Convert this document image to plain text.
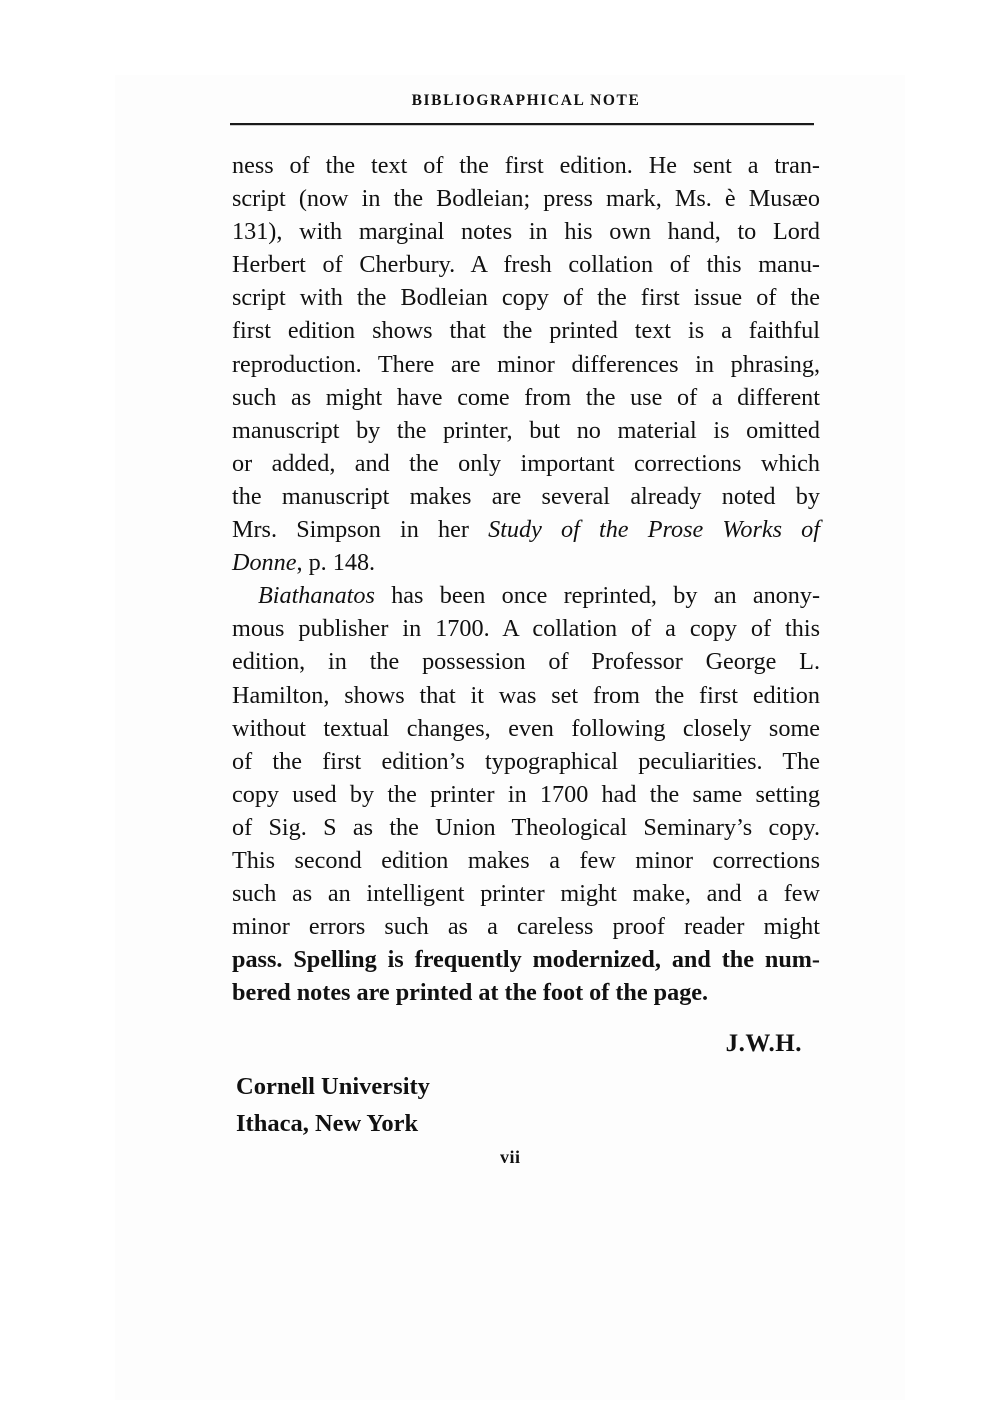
BIBLIOGRAPHICAL NOTE
ness of the text of the first edition. He sent a tran-
script (now in the Bodleian; press mark, Ms. è Musæo
131), with marginal notes in his own hand, to Lord
Herbert of Cherbury. A fresh collation of this manu-
script with the Bodleian copy of the first issue of the
first edition shows that the printed text is a faithful
reproduction. There are minor differences in phrasing,
such as might have come from the use of a different
manuscript by the printer, but no material is omitted
or added, and the only important corrections which
the manuscript makes are several already noted by
Mrs. Simpson in her Study of the Prose Works of
Donne, p. 148.
Biathanatos has been once reprinted, by an anony-
mous publisher in 1700. A collation of a copy of this
edition, in the possession of Professor George L.
Hamilton, shows that it was set from the first edition
without textual changes, even following closely some
of the first edition’s typographical peculiarities. The
copy used by the printer in 1700 had the same setting
of Sig. S as the Union Theological Seminary’s copy.
This second edition makes a few minor corrections
such as an intelligent printer might make, and a few
minor errors such as a careless proof reader might
pass. Spelling is frequently modernized, and the num-
bered notes are printed at the foot of the page.
J.W.H.
Cornell University
Ithaca, New York
vii
